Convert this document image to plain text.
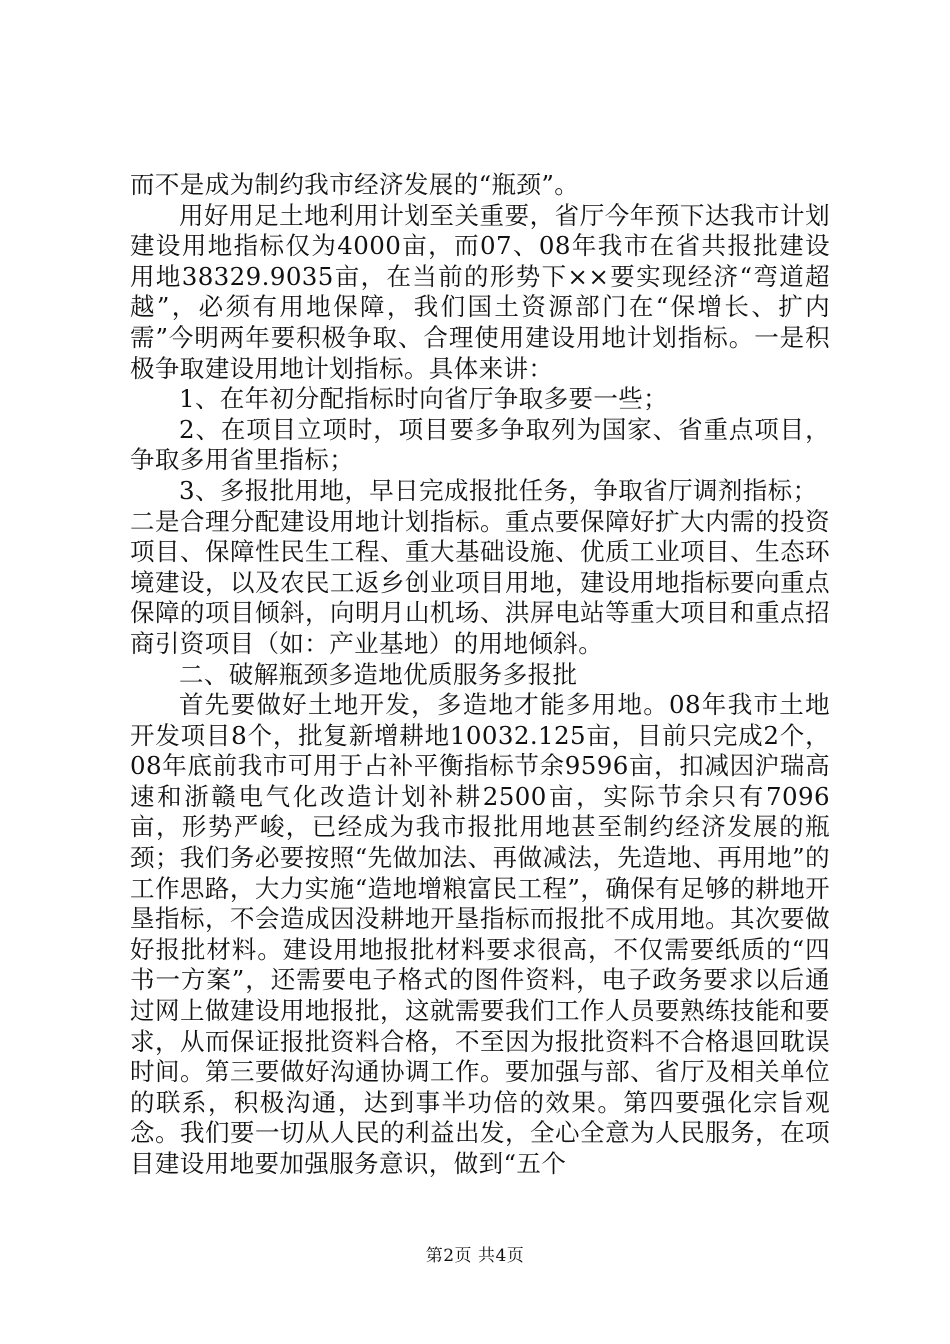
而不是成为制约我市经济发展的“瓶颈”。

用好用足土地利用计划至关重要，省厅今年预下达我市计划建设用地指标仅为4000亩，而07、08年我市在省共报批建设用地38329.9035亩，在当前的形势下××要实现经济“弯道超越”，必须有用地保障，我们国土资源部门在“保增长、扩内需”今明两年要积极争取、合理使用建设用地计划指标。一是积极争取建设用地计划指标。具体来讲：

1、在年初分配指标时向省厅争取多要一些；

2、在项目立项时，项目要多争取列为国家、省重点项目，争取多用省里指标；

3、多报批用地，早日完成报批任务，争取省厅调剂指标；

二是合理分配建设用地计划指标。重点要保障好扩大内需的投资项目、保障性民生工程、重大基础设施、优质工业项目、生态环境建设，以及农民工返乡创业项目用地，建设用地指标要向重点保障的项目倾斜，向明月山机场、洪屏电站等重大项目和重点招商引资项目（如：产业基地）的用地倾斜。

二、破解瓶颈多造地优质服务多报批

首先要做好土地开发，多造地才能多用地。08年我市土地开发项目8个，批复新增耕地10032.125亩，目前只完成2个，08年底前我市可用于占补平衡指标节余9596亩，扣减因沪瑞高速和浙赣电气化改造计划补耕2500亩，实际节余只有7096亩，形势严峻，已经成为我市报批用地甚至制约经济发展的瓶颈；我们务必要按照“先做加法、再做减法，先造地、再用地”的工作思路，大力实施“造地增粮富民工程”，确保有足够的耕地开垦指标，不会造成因没耕地开垦指标而报批不成用地。其次要做好报批材料。建设用地报批材料要求很高，不仅需要纸质的“四书一方案”，还需要电子格式的图件资料，电子政务要求以后通过网上做建设用地报批，这就需要我们工作人员要熟练技能和要求，从而保证报批资料合格，不至因为报批资料不合格退回耽误时间。第三要做好沟通协调工作。要加强与部、省厅及相关单位的联系，积极沟通，达到事半功倍的效果。第四要强化宗旨观念。我们要一切从人民的利益出发，全心全意为人民服务，在项目建设用地要加强服务意识，做到“五个

第2页 共4页
